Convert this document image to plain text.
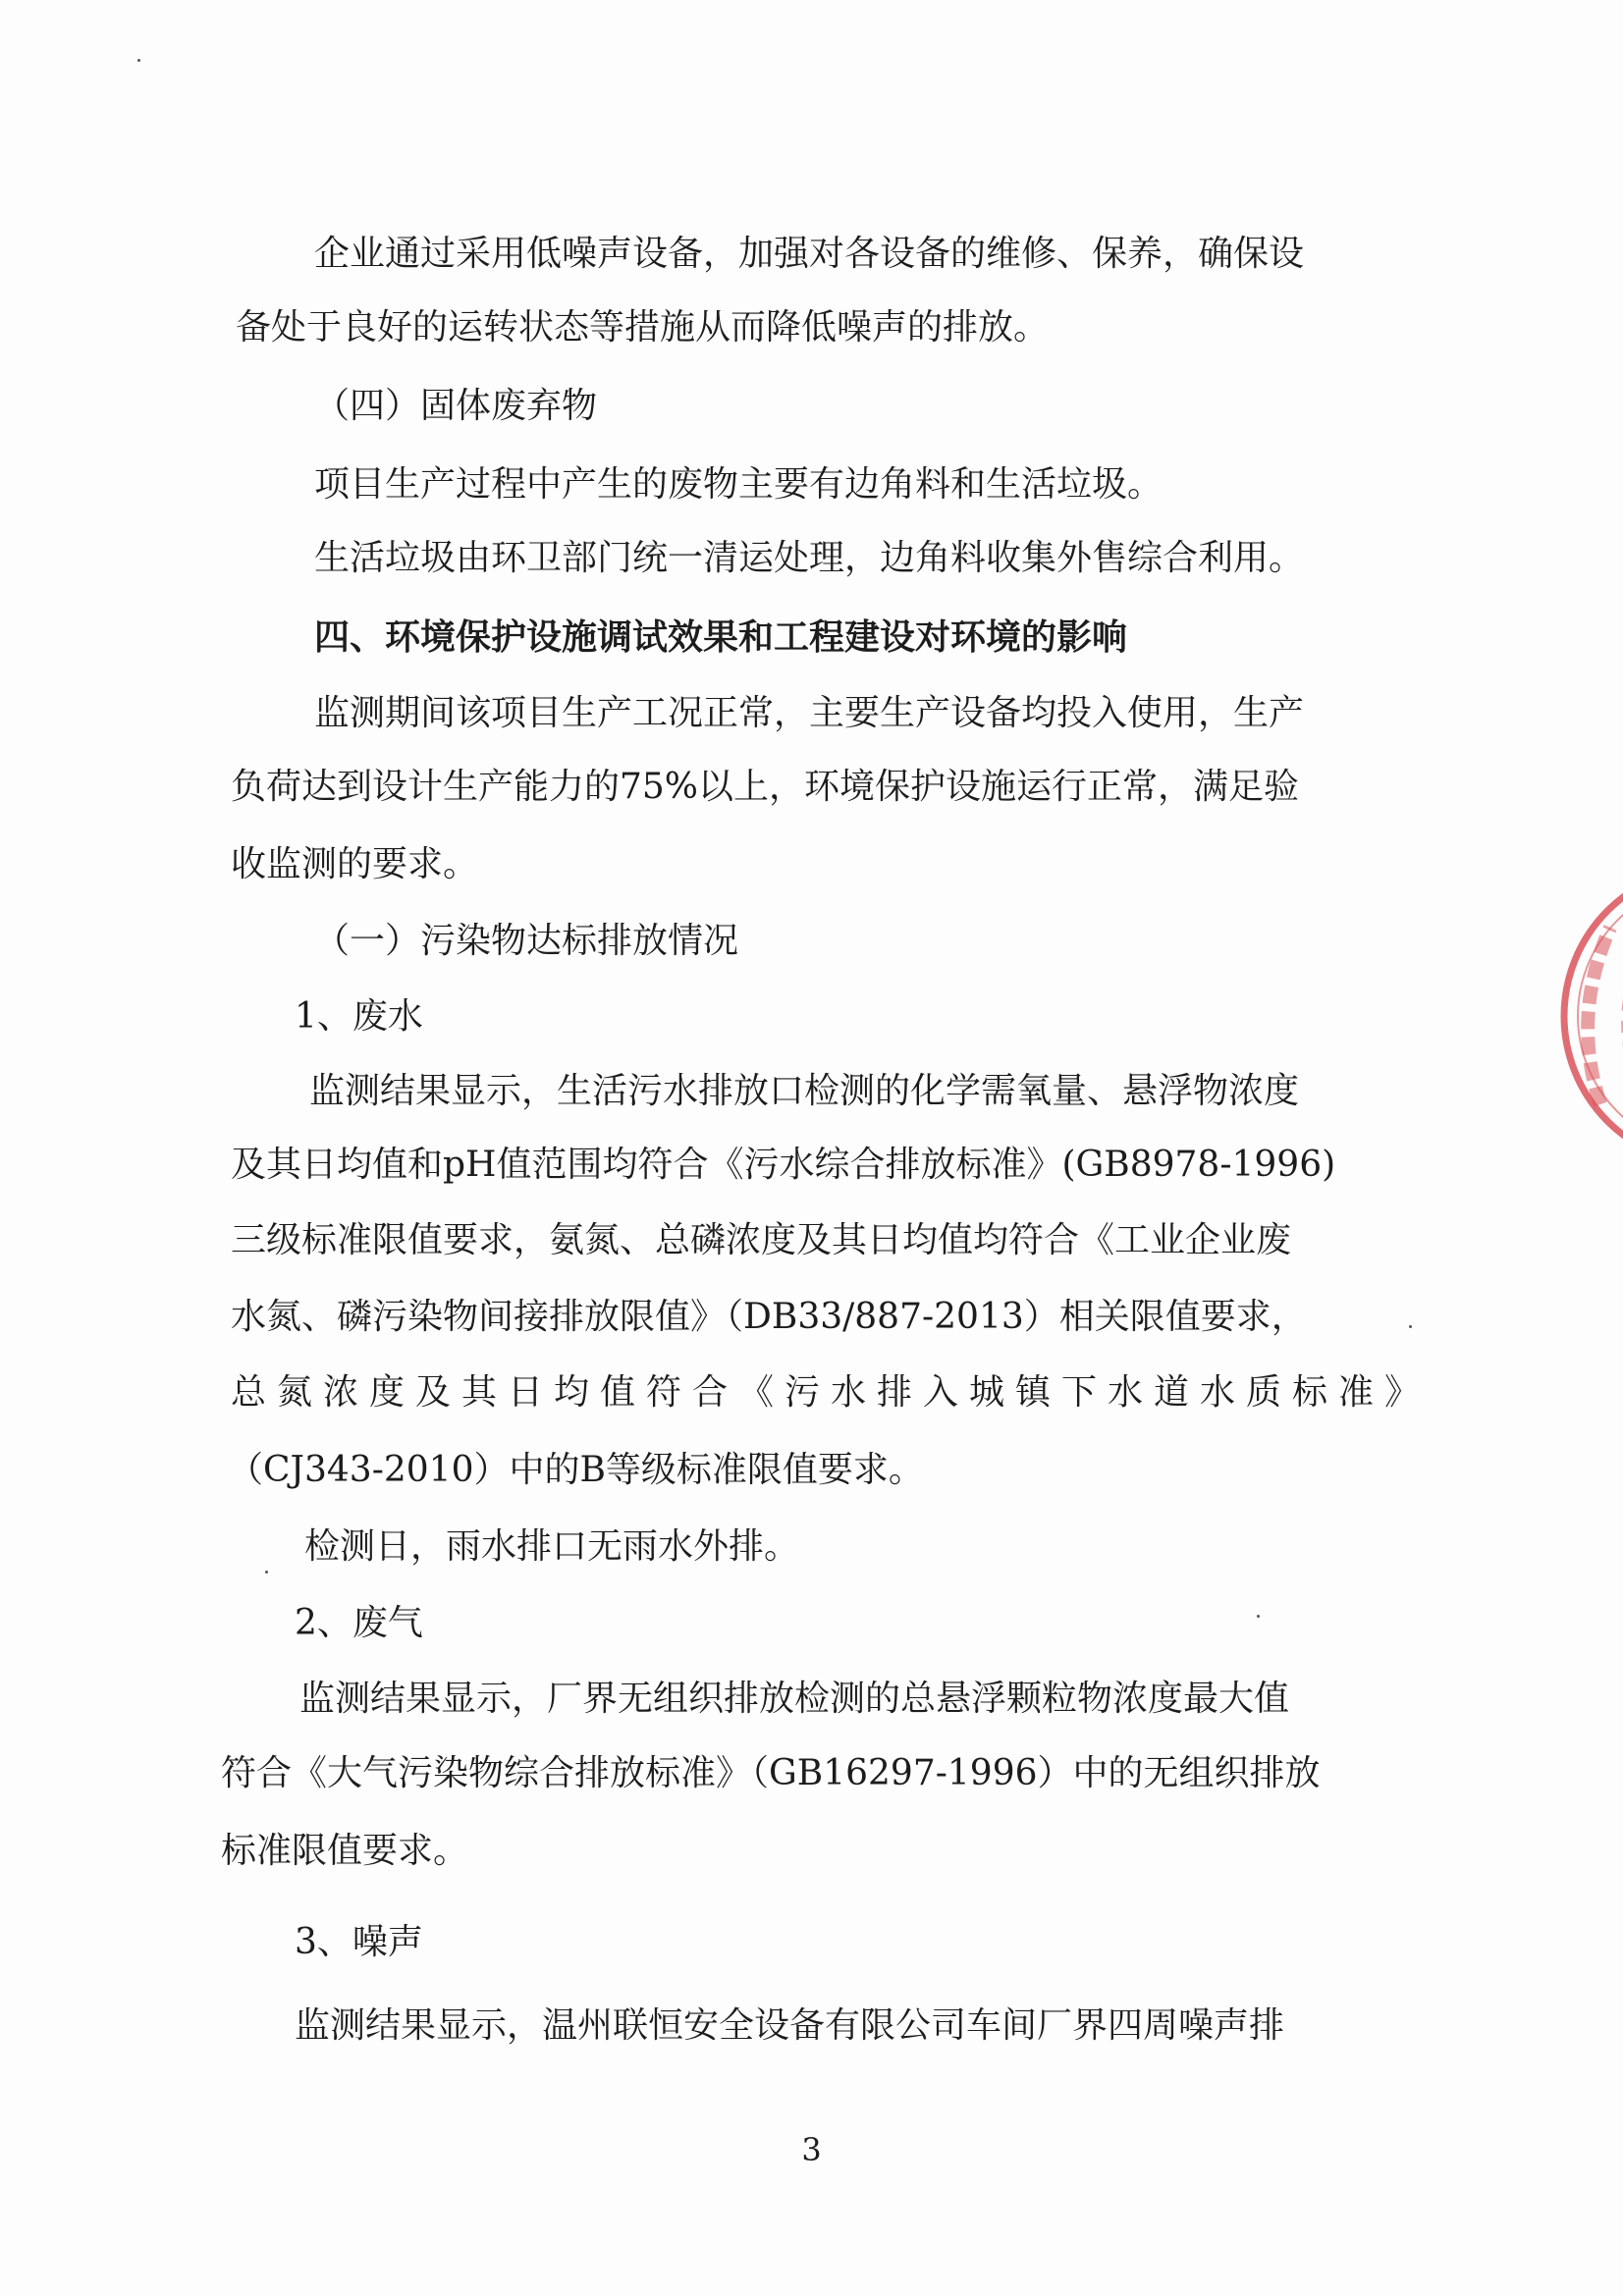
企业通过采用低噪声设备，加强对各设备的维修、保养，确保设
备处于良好的运转状态等措施从而降低噪声的排放。
（四）固体废弃物
项目生产过程中产生的废物主要有边角料和生活垃圾。
生活垃圾由环卫部门统一清运处理，边角料收集外售综合利用。
四、环境保护设施调试效果和工程建设对环境的影响
监测期间该项目生产工况正常，主要生产设备均投入使用，生产
负荷达到设计生产能力的75%以上，环境保护设施运行正常，满足验
收监测的要求。
（一）污染物达标排放情况
1、废水
监测结果显示，生活污水排放口检测的化学需氧量、悬浮物浓度
及其日均值和pH值范围均符合《污水综合排放标准》(GB8978-1996)
三级标准限值要求，氨氮、总磷浓度及其日均值均符合《工业企业废
水氮、磷污染物间接排放限值》（DB33/887-2013）相关限值要求，
总氮浓度及其日均值符合《污水排入城镇下水道水质标准》
（CJ343-2010）中的B等级标准限值要求。
检测日，雨水排口无雨水外排。
2、废气
监测结果显示，厂界无组织排放检测的总悬浮颗粒物浓度最大值
符合《大气污染物综合排放标准》（GB16297-1996）中的无组织排放
标准限值要求。
3、噪声
监测结果显示，温州联恒安全设备有限公司车间厂界四周噪声排
3
